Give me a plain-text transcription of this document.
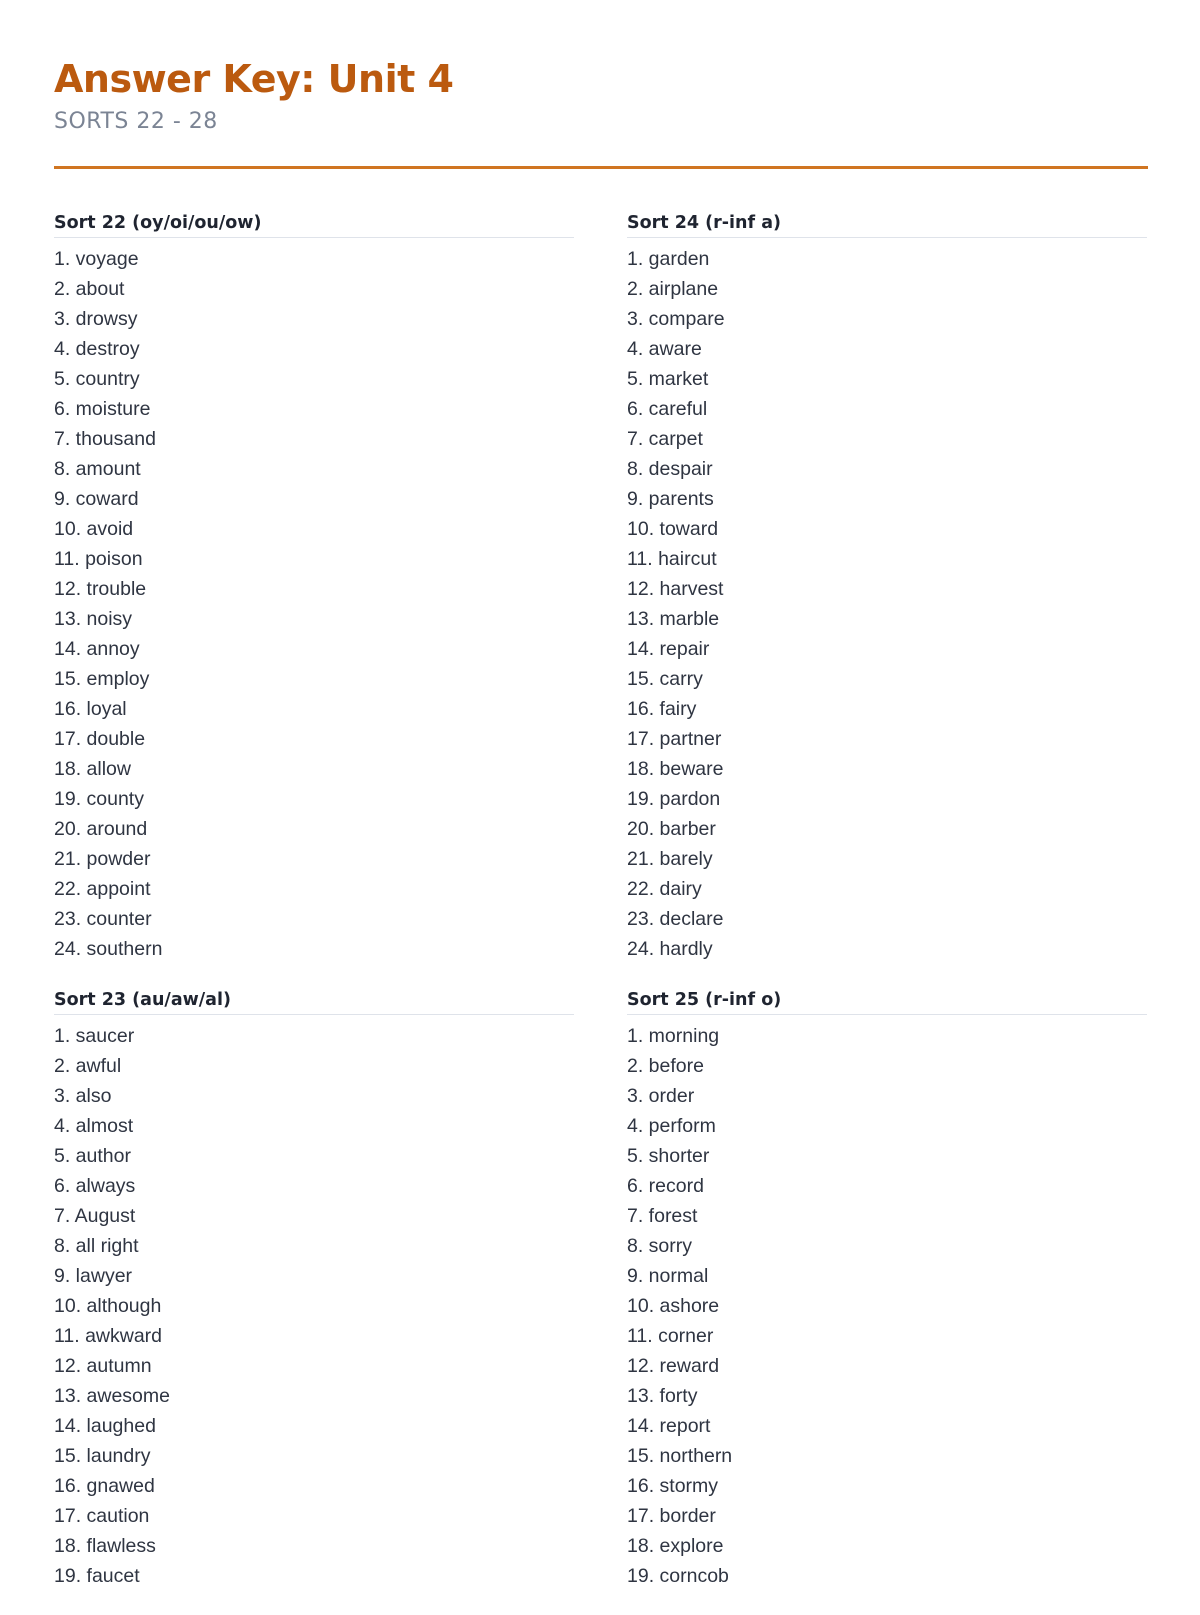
Answer Key: Unit 4
SORTS 22 - 28
Sort 22 (oy/oi/ou/ow)
1. voyage
2. about
3. drowsy
4. destroy
5. country
6. moisture
7. thousand
8. amount
9. coward
10. avoid
11. poison
12. trouble
13. noisy
14. annoy
15. employ
16. loyal
17. double
18. allow
19. county
20. around
21. powder
22. appoint
23. counter
24. southern
Sort 23 (au/aw/al)
1. saucer
2. awful
3. also
4. almost
5. author
6. always
7. August
8. all right
9. lawyer
10. although
11. awkward
12. autumn
13. awesome
14. laughed
15. laundry
16. gnawed
17. caution
18. flawless
19. faucet
Sort 24 (r-inf a)
1. garden
2. airplane
3. compare
4. aware
5. market
6. careful
7. carpet
8. despair
9. parents
10. toward
11. haircut
12. harvest
13. marble
14. repair
15. carry
16. fairy
17. partner
18. beware
19. pardon
20. barber
21. barely
22. dairy
23. declare
24. hardly
Sort 25 (r-inf o)
1. morning
2. before
3. order
4. perform
5. shorter
6. record
7. forest
8. sorry
9. normal
10. ashore
11. corner
12. reward
13. forty
14. report
15. northern
16. stormy
17. border
18. explore
19. corncob
